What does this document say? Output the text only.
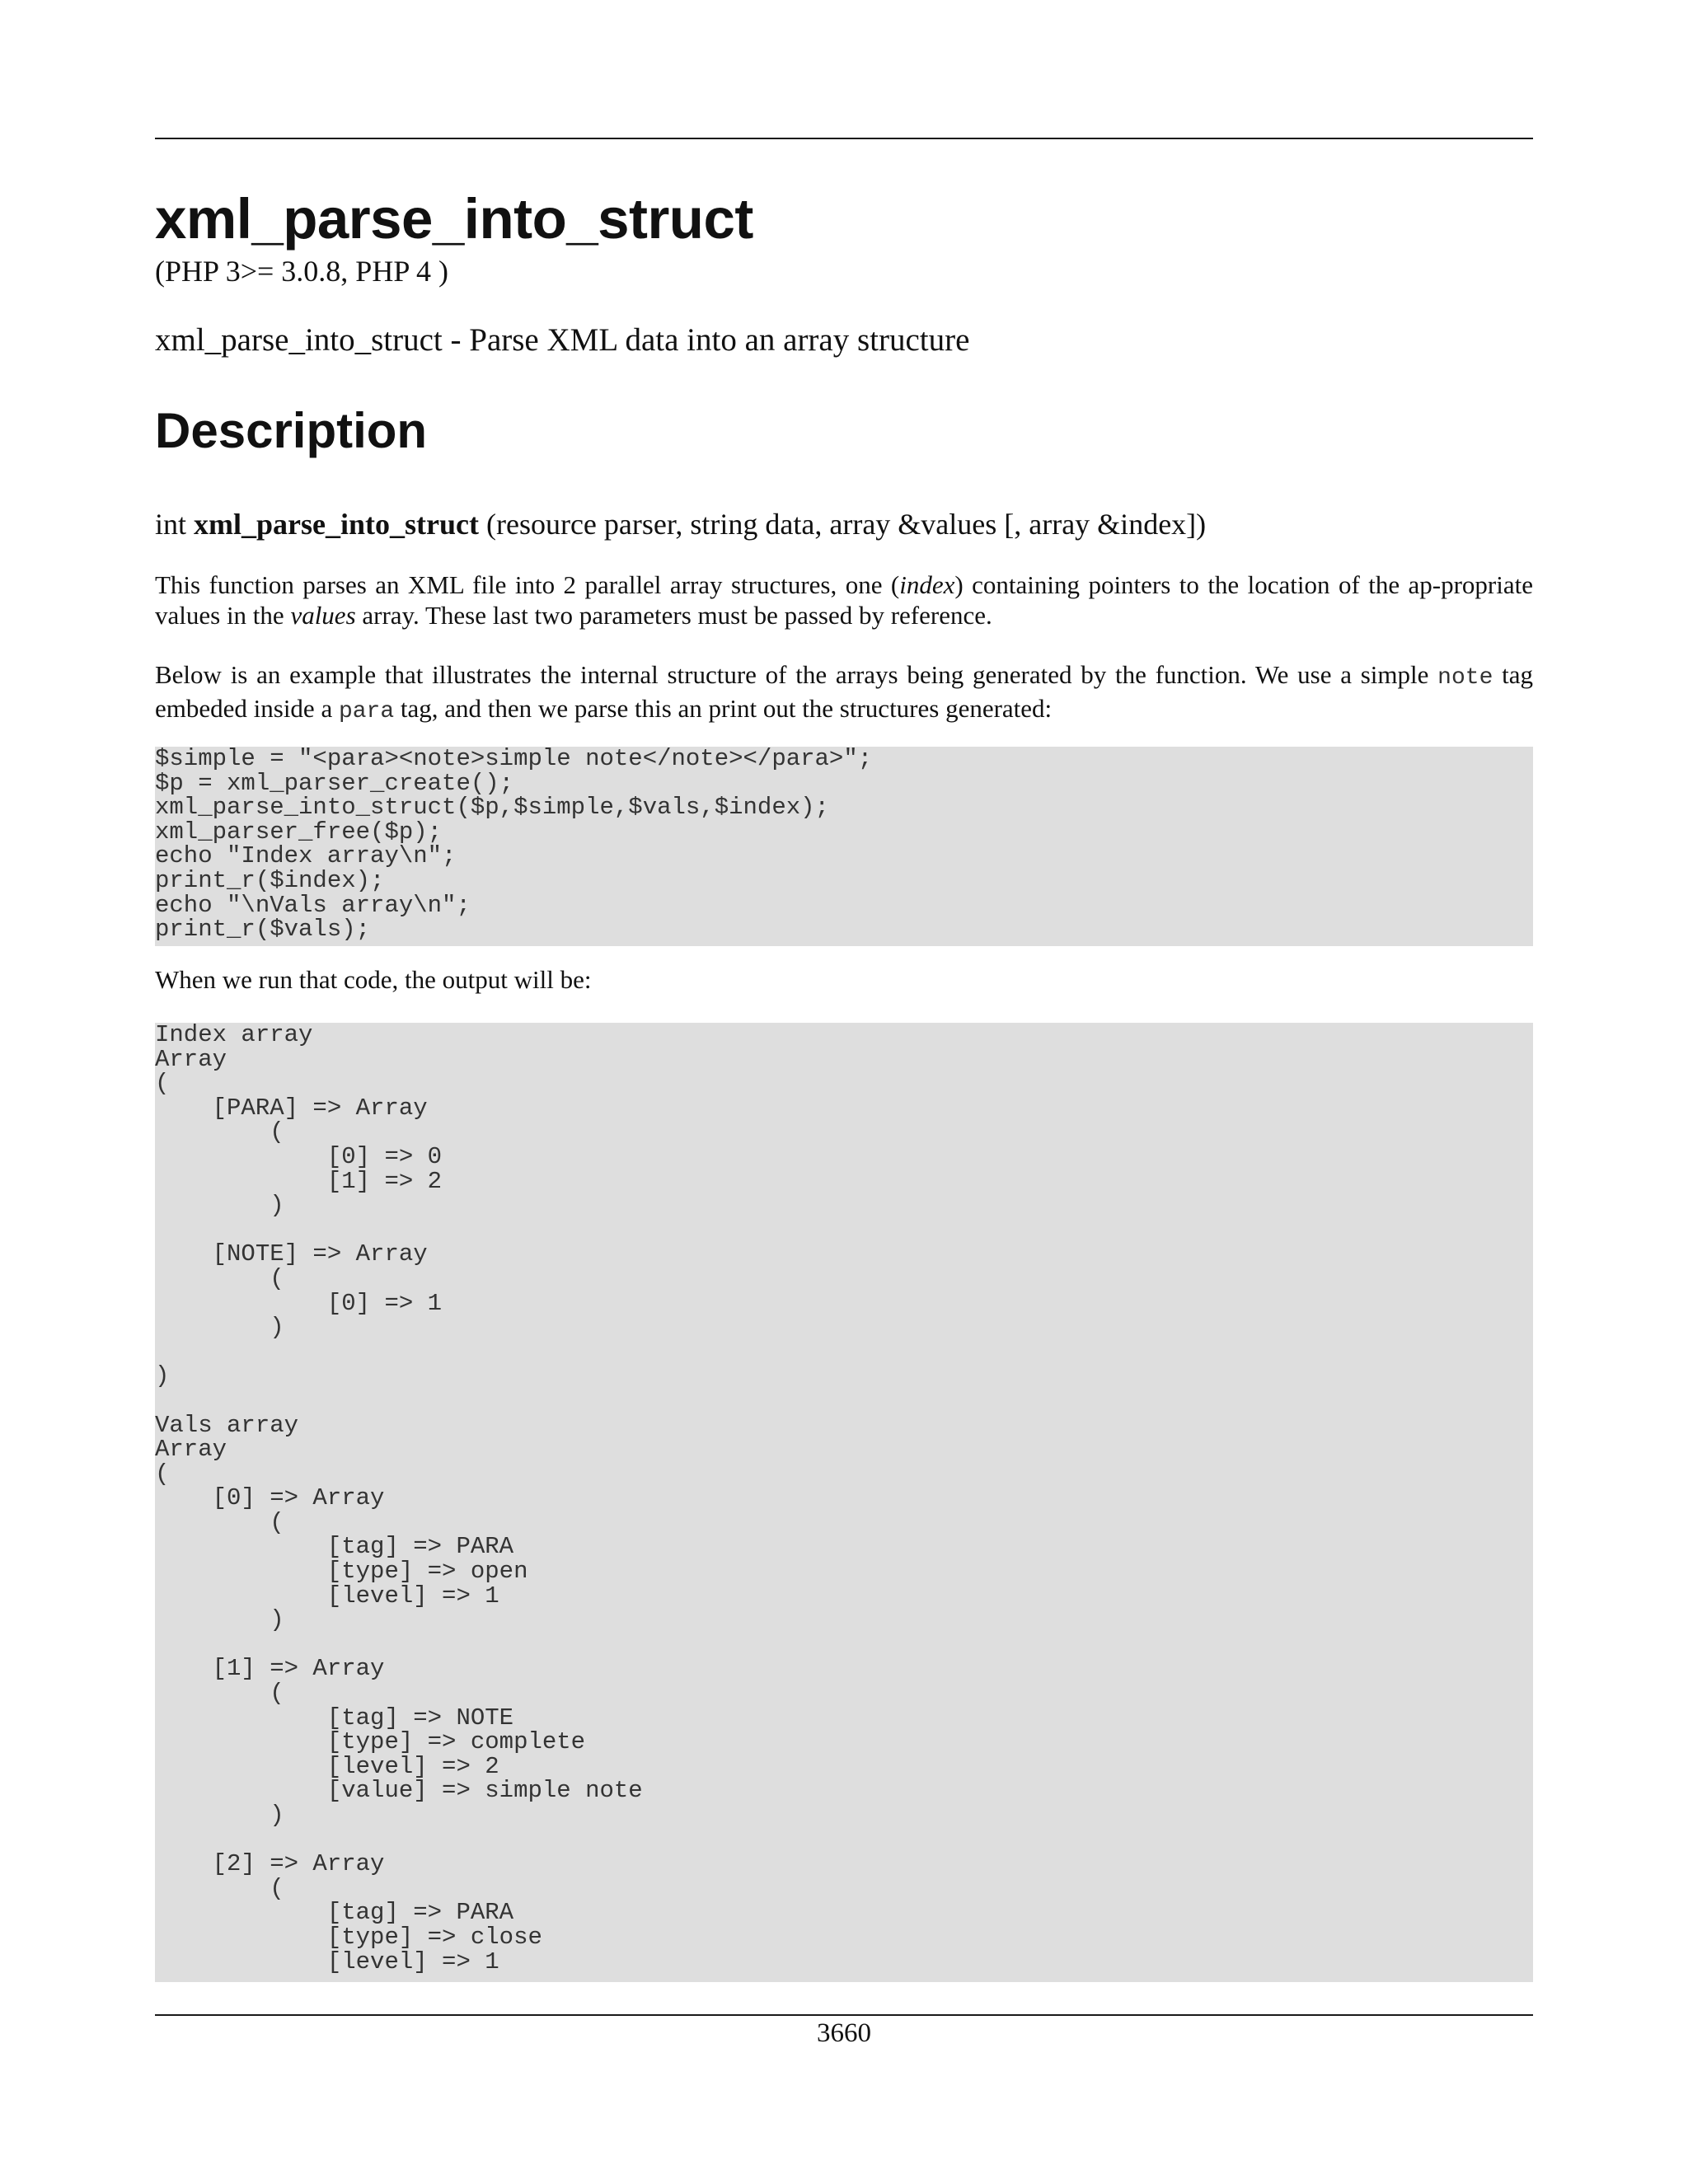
xml_parse_into_struct
(PHP 3>= 3.0.8, PHP 4 )
xml_parse_into_struct - Parse XML data into an array structure
Description
int xml_parse_into_struct (resource parser, string data, array &values [, array &index])
This function parses an XML file into 2 parallel array structures, one (index) containing pointers to the location of the ap-propriate values in the values array. These last two parameters must be passed by reference.
Below is an example that illustrates the internal structure of the arrays being generated by the function. We use a simple note tag embeded inside a para tag, and then we parse this an print out the structures generated:
$simple = "<para><note>simple note</note></para>";
$p = xml_parser_create();
xml_parse_into_struct($p,$simple,$vals,$index);
xml_parser_free($p);
echo "Index array\n";
print_r($index);
echo "\nVals array\n";
print_r($vals);
When we run that code, the output will be:
Index array
Array
(
[PARA] => Array
(
[0] => 0
[1] => 2
)

[NOTE] => Array
(
[0] => 1
)

)

Vals array
Array
(
[0] => Array
(
[tag] => PARA
[type] => open
[level] => 1
)

[1] => Array
(
[tag] => NOTE
[type] => complete
[level] => 2
[value] => simple note
)

[2] => Array
(
[tag] => PARA
[type] => close
[level] => 1
3660
